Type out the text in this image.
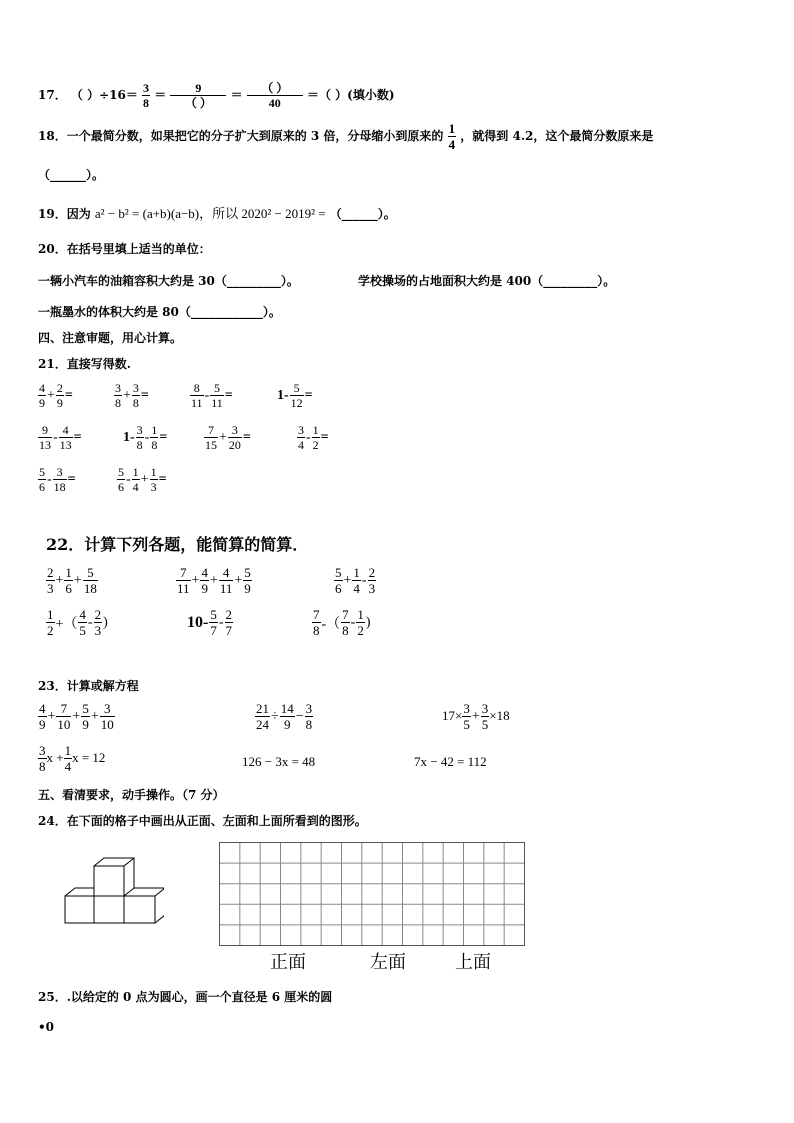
17． （ ）$\div 16= \frac{3}{8}$ ＝	9
（ ）
＝	（ ）
40
＝（ ）(填小数)
18．一个最简分数，如果把它的分子扩大到原来的 3 倍，分母缩小到原来的 $\frac{1}{4}$ ，就得到 4.2，这个最简分数原来是
（______）。
19．因为 a² − b² = (a+b)(a−b)，所以 2020² − 2019² = （______）。
20．在括号里填上适当的单位：
一辆小汽车的油箱容积大约是 30（_________）。	学校操场的占地面积大约是 400（_________）。
一瓶墨水的体积大约是 80（____________）。
四、注意审题，用心计算。
21．直接写得数.
$\frac{4}{9} + \frac{2}{9}$ =	$\frac{3}{8} + \frac{3}{8}$ =	$\frac{8}{11} - \frac{5}{11}$ =	$1- \frac{5}{12}$ =
$\frac{9}{13} - \frac{4}{13}$ =	$1- \frac{3}{8} - \frac{1}{8}$ =	$\frac{7}{15} + \frac{3}{20}$ =	$\frac{3}{4} - \frac{1}{2}$ =
$\frac{5}{6} - \frac{3}{18}$ =	$\frac{5}{6} - \frac{1}{4} + \frac{1}{3}$ =
22．计算下列各题，能简算的简算．
$\frac{2}{3} + \frac{1}{6} + \frac{5}{18}$	$\frac{7}{11} + \frac{4}{9} + \frac{4}{11} + \frac{5}{9}$	$\frac{5}{6} + \frac{1}{4} - \frac{2}{3}$
$\frac{1}{2}$ +（ $\frac{4}{5} - \frac{2}{3}$ )	$10- \frac{5}{7} - \frac{2}{7}$	$\frac{7}{8}$ -（ $\frac{7}{8} - \frac{1}{2}$ )
23．计算或解方程
$\frac{4}{9} + \frac{7}{10} + \frac{5}{9} + \frac{3}{10}$	$\frac{21}{24} \div \frac{14}{9} - \frac{3}{8}$	$17\times \frac{3}{5} + \frac{3}{5} \times 18$
$\frac{3}{8}$ $x + \frac{1}{4}$ x = 12	126 − 3x = 48	7x − 42 = 112
五、看清要求，动手操作。（7 分）
24．在下面的格子中画出从正面、左面和上面所看到的图形。
正面	左面	上面
25．.以给定的 0 点为圆心，画一个直径是 6 厘米的圆
•0
